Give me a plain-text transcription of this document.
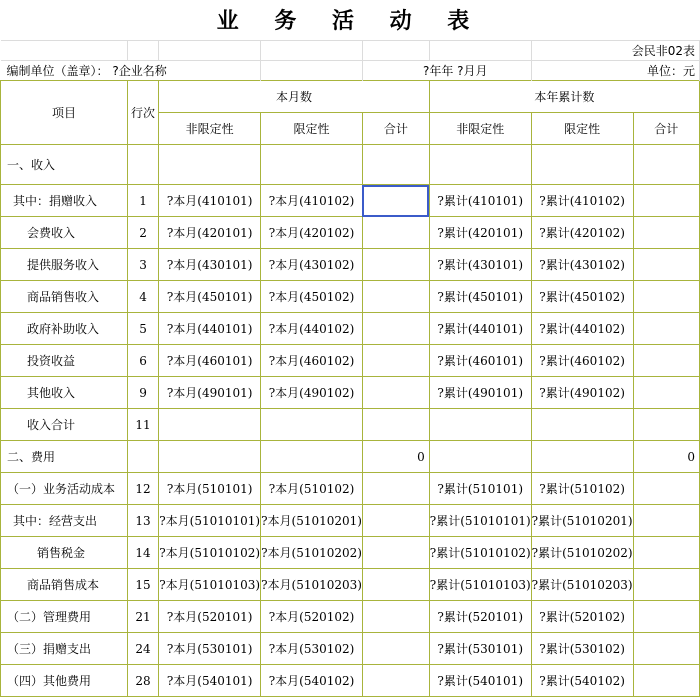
业 务 活 动 表
						会民非02表	
编制单位（盖章）： ?企业名称				?年年 ?月月		单位：元	
项目	行次	本月数			本年累计数		
		非限定性	限定性	合计	非限定性	限定性	合计
一、收入							
其中：捐赠收入	1	?本月(410101)	?本月(410102)		?累计(410101)	?累计(410102)	
会费收入	2	?本月(420101)	?本月(420102)		?累计(420101)	?累计(420102)	
提供服务收入	3	?本月(430101)	?本月(430102)		?累计(430101)	?累计(430102)	
商品销售收入	4	?本月(450101)	?本月(450102)		?累计(450101)	?累计(450102)	
政府补助收入	5	?本月(440101)	?本月(440102)		?累计(440101)	?累计(440102)	
投资收益	6	?本月(460101)	?本月(460102)		?累计(460101)	?累计(460102)	
其他收入	9	?本月(490101)	?本月(490102)		?累计(490101)	?累计(490102)	
收入合计	11						
二、费用				0			0
（一）业务活动成本	12	?本月(510101)	?本月(510102)		?累计(510101)	?累计(510102)	
其中：经营支出	13	?本月(51010101)	?本月(51010201)		?累计(51010101)	?累计(51010201)	
销售税金	14	?本月(51010102)	?本月(51010202)		?累计(51010102)	?累计(51010202)	
商品销售成本	15	?本月(51010103)	?本月(51010203)		?累计(51010103)	?累计(51010203)	
（二）管理费用	21	?本月(520101)	?本月(520102)		?累计(520101)	?累计(520102)	
（三）捐赠支出	24	?本月(530101)	?本月(530102)		?累计(530101)	?累计(530102)	
（四）其他费用	28	?本月(540101)	?本月(540102)		?累计(540101)	?累计(540102)	
